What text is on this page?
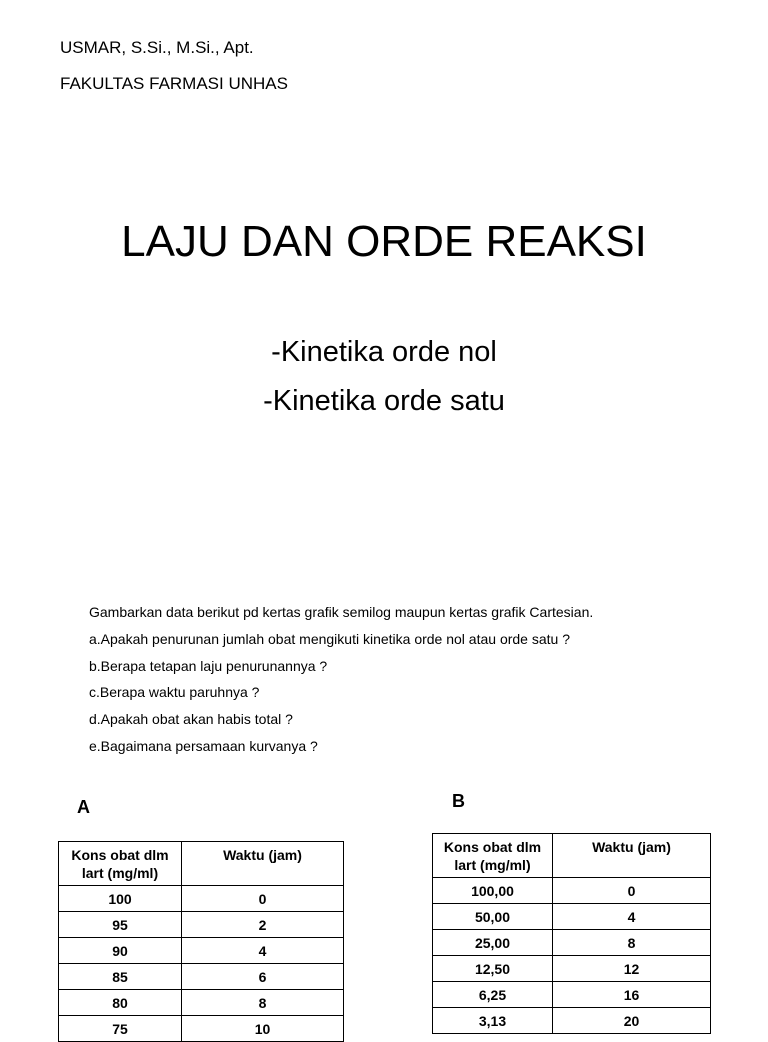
USMAR, S.Si., M.Si., Apt.
FAKULTAS FARMASI UNHAS
LAJU DAN ORDE REAKSI
-Kinetika orde nol
-Kinetika orde satu
Gambarkan data berikut pd kertas grafik semilog maupun kertas grafik Cartesian.
a.Apakah penurunan jumlah obat mengikuti kinetika orde nol atau orde satu ?
b.Berapa tetapan laju penurunannya ?
c.Berapa waktu paruhnya ?
d.Apakah obat akan habis total ?
e.Bagaimana persamaan kurvanya ?
A	B
Kons obat dlm lart (mg/ml)	Waktu (jam)
100	0
95	2
90	4
85	6
80	8
75	10
Kons obat dlm lart (mg/ml)	Waktu (jam)
100,00	0
50,00	4
25,00	8
12,50	12
6,25	16
3,13	20
